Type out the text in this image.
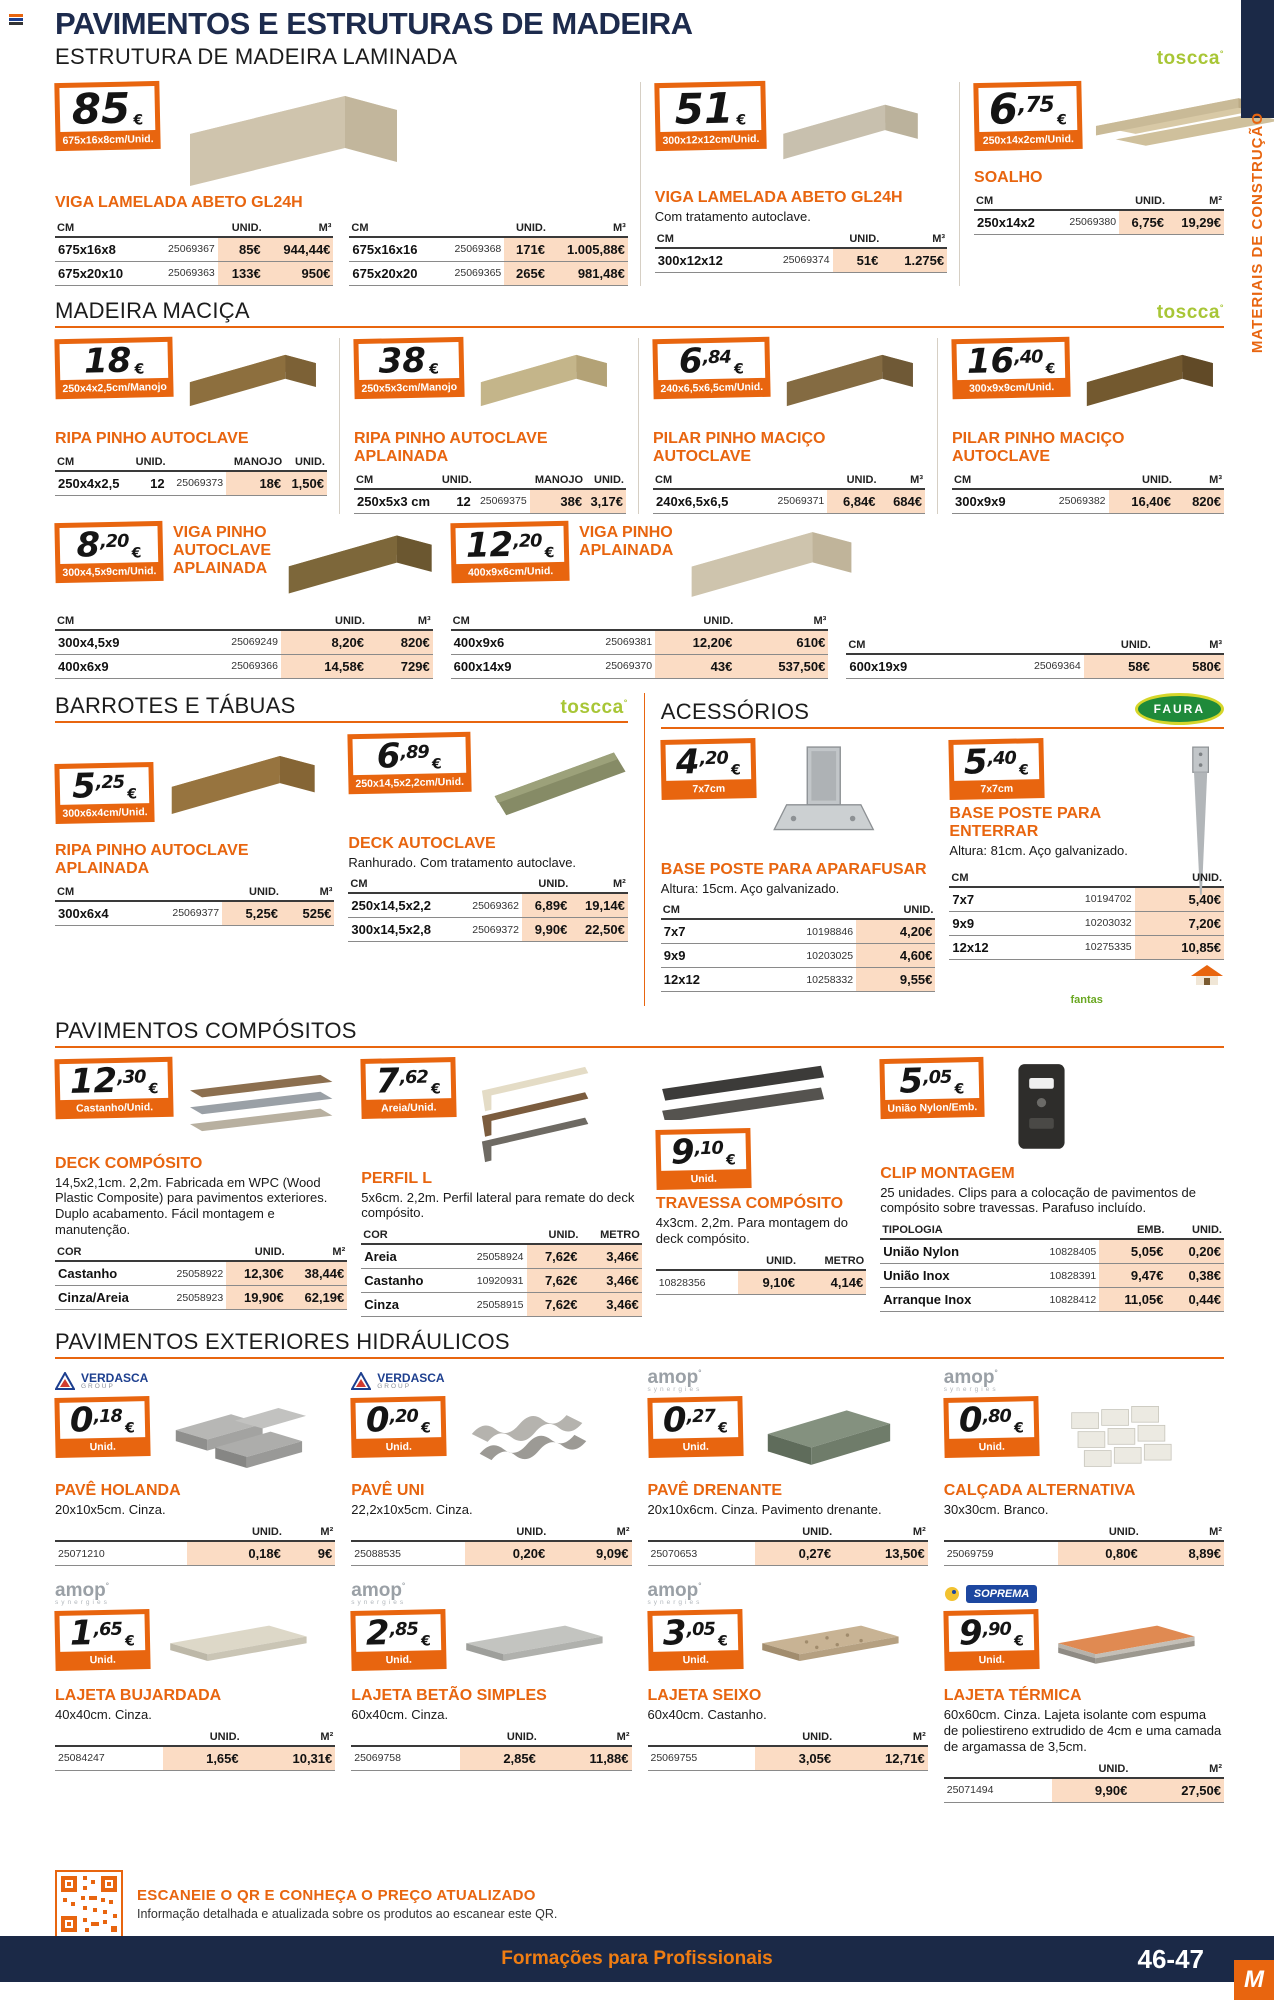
MATERIAIS DE CONSTRUÇÃO
PAVIMENTOS E ESTRUTURAS DE MADEIRA
ESTRUTURA DE MADEIRA LAMINADA	toscca°
85 €
675x16x8cm/Unid.
VIGA LAMELADA ABETO GL24H
CM		UNID.	M³
675x16x8	25069367	85€	944,44€
675x20x10	25069363	133€	950€
CM		UNID.	M³
675x16x16	25069368	171€	1.005,88€
675x20x20	25069365	265€	981,48€
51 €
300x12x12cm/Unid.
VIGA LAMELADA ABETO GL24H
Com tratamento autoclave.
CM		UNID.	M³
300x12x12	25069374	51€	1.275€
$6^{,75}€$
250x14x2cm/Unid.
SOALHO
CM		UNID.	M²
250x14x2	25069380	6,75€	19,29€
MADEIRA MACIÇA	toscca°
18 €
250x4x2,5cm/Manojo
RIPA PINHO AUTOCLAVE
CM	UNID.		MANOJO	UNID.
250x4x2,5	12	25069373	18€	1,50€
38 €
250x5x3cm/Manojo
RIPA PINHO AUTOCLAVE APLAINADA
CM	UNID.		MANOJO	UNID.
250x5x3 cm	12	25069375	38€	3,17€
$6^{,84}€$
240x6,5x6,5cm/Unid.
PILAR PINHO MACIÇO AUTOCLAVE
CM		UNID.	M³
240x6,5x6,5	25069371	6,84€	684€
$16^{,40}€$
300x9x9cm/Unid.
PILAR PINHO MACIÇO AUTOCLAVE
CM		UNID.	M³
300x9x9	25069382	16,40€	820€
$8^{,20}€$
300x4,5x9cm/Unid.
VIGA PINHO AUTOCLAVE APLAINADA
CM		UNID.	M³
300x4,5x9	25069249	8,20€	820€
400x6x9	25069366	14,58€	729€
$12^{,20}€$
400x9x6cm/Unid.
VIGA PINHO APLAINADA
CM		UNID.	M³
400x9x6	25069381	12,20€	610€
600x14x9	25069370	43€	537,50€
CM		UNID.	M³
600x19x9	25069364	58€	580€
BARROTES E TÁBUAS	toscca°
$5^{,25}€$
300x6x4cm/Unid.
RIPA PINHO AUTOCLAVE APLAINADA
CM		UNID.	M³
300x6x4	25069377	5,25€	525€
$6^{,89}€$
250x14,5x2,2cm/Unid.
DECK AUTOCLAVE
Ranhurado. Com tratamento autoclave.
CM		UNID.	M²
250x14,5x2,2	25069362	6,89€	19,14€
300x14,5x2,8	25069372	9,90€	22,50€
ACESSÓRIOS	FAURA
$4^{,20}€$
7x7cm
BASE POSTE PARA APARAFUSAR
Altura: 15cm. Aço galvanizado.
CM		UNID.
7x7	10198846	4,20€
9x9	10203025	4,60€
12x12	10258332	9,55€
$5^{,40}€$
7x7cm
BASE POSTE PARA ENTERRAR
Altura: 81cm. Aço galvanizado.
CM		UNID.
7x7	10194702	5,40€
9x9	10203032	7,20€
12x12	10275335	10,85€
fantas
PAVIMENTOS COMPÓSITOS
$12^{,30}€$
Castanho/Unid.
DECK COMPÓSITO
14,5x2,1cm. 2,2m. Fabricada em WPC (Wood Plastic Composite) para pavimentos exteriores. Duplo acabamento. Fácil montagem e manutenção.
COR		UNID.	M²
Castanho	25058922	12,30€	38,44€
Cinza/Areia	25058923	19,90€	62,19€
$7^{,62}€$
Areia/Unid.
PERFIL L
5x6cm. 2,2m. Perfil lateral para remate do deck compósito.
COR		UNID.	METRO
Areia	25058924	7,62€	3,46€
Castanho	10920931	7,62€	3,46€
Cinza	25058915	7,62€	3,46€
$9^{,10}€$
Unid.
TRAVESSA COMPÓSITO
4x3cm. 2,2m. Para montagem do deck compósito.
	UNID.	METRO
10828356	9,10€	4,14€
$5^{,05}€$
União Nylon/Emb.
CLIP MONTAGEM
25 unidades. Clips para a colocação de pavimentos de compósito sobre travessas. Parafuso incluído.
TIPOLOGIA		EMB.	UNID.
União Nylon	10828405	5,05€	0,20€
União Inox	10828391	9,47€	0,38€
Arranque Inox	10828412	11,05€	0,44€
PAVIMENTOS EXTERIORES HIDRÁULICOS
VERDASCA
GROUP
$0^{,18}€$
Unid.
PAVÊ HOLANDA
20x10x5cm. Cinza.
	UNID.	M²
25071210	0,18€	9€
VERDASCA
GROUP
$0^{,20}€$
Unid.
PAVÊ UNI
22,2x10x5cm. Cinza.
	UNID.	M²
25088535	0,20€	9,09€
amop°
synergies
$0^{,27}€$
Unid.
PAVÊ DRENANTE
20x10x6cm. Cinza. Pavimento drenante.
	UNID.	M²
25070653	0,27€	13,50€
amop°
synergies
$0^{,80}€$
Unid.
CALÇADA ALTERNATIVA
30x30cm. Branco.
	UNID.	M²
25069759	0,80€	8,89€
amop°
synergies
$1^{,65}€$
Unid.
LAJETA BUJARDADA
40x40cm. Cinza.
	UNID.	M²
25084247	1,65€	10,31€
amop°
synergies
$2^{,85}€$
Unid.
LAJETA BETÃO SIMPLES
60x40cm. Cinza.
	UNID.	M²
25069758	2,85€	11,88€
amop°
synergies
$3^{,05}€$
Unid.
LAJETA SEIXO
60x40cm. Castanho.
	UNID.	M²
25069755	3,05€	12,71€
SOPREMA
$9^{,90}€$
Unid.
LAJETA TÉRMICA
60x60cm. Cinza. Lajeta isolante com espuma de poliestireno extrudido de 4cm e uma camada de argamassa de 3,5cm.
	UNID.	M²
25071494	9,90€	27,50€
ESCANEIE O QR E CONHEÇA O PREÇO ATUALIZADO
Informação detalhada e atualizada sobre os produtos ao escanear este QR.
Formações para Profissionais	46-47
M
